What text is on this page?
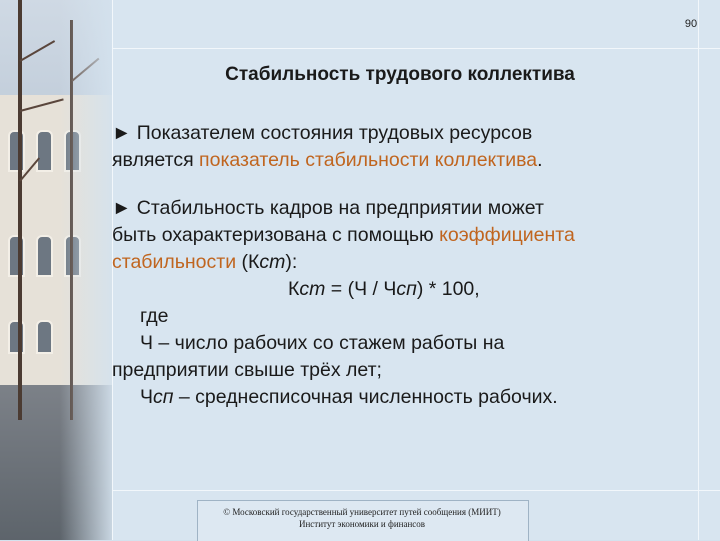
90
Стабильность трудового коллектива
► Показателем состояния трудовых ресурсов
является показатель стабильности коллектива.
► Стабильность кадров на предприятии может
быть охарактеризована с помощью коэффициента
стабильности (Кст):
Кст = (Ч / Чсп) * 100,
где
Ч – число рабочих со стажем работы на
предприятии свыше трёх лет;
Чсп – среднесписочная численность рабочих.
© Московский государственный университет путей сообщения (МИИТ)
Институт экономики и финансов
